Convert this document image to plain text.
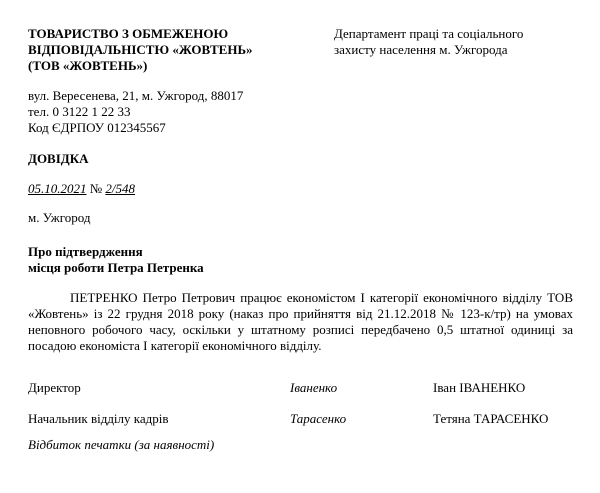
ТОВАРИСТВО З ОБМЕЖЕНОЮ
ВІДПОВІДАЛЬНІСТЮ «ЖОВТЕНЬ»
(ТОВ «ЖОВТЕНЬ»)
Департамент праці та соціального
захисту населення м. Ужгорода
вул. Вересенева, 21, м. Ужгород, 88017
тел. 0 3122 1 22 33
Код ЄДРПОУ 012345567
ДОВІДКА
05.10.2021 № 2/548
м. Ужгород
Про підтвердження
місця роботи Петра Петренка
ПЕТРЕНКО Петро Петрович працює економістом І категорії економічного відділу ТОВ «Жовтень» із 22 грудня 2018 року (наказ про прийняття від 21.12.2018 № 123-к/тр) на умовах неповного робочого часу, оскільки у штатному розписі передбачено 0,5 штатної одиниці за посадою економіста І категорії економічного відділу.
Директор	Іваненко	Іван ІВАНЕНКО
Начальник відділу кадрів	Тарасенко	Тетяна ТАРАСЕНКО
Відбиток печатки (за наявності)
